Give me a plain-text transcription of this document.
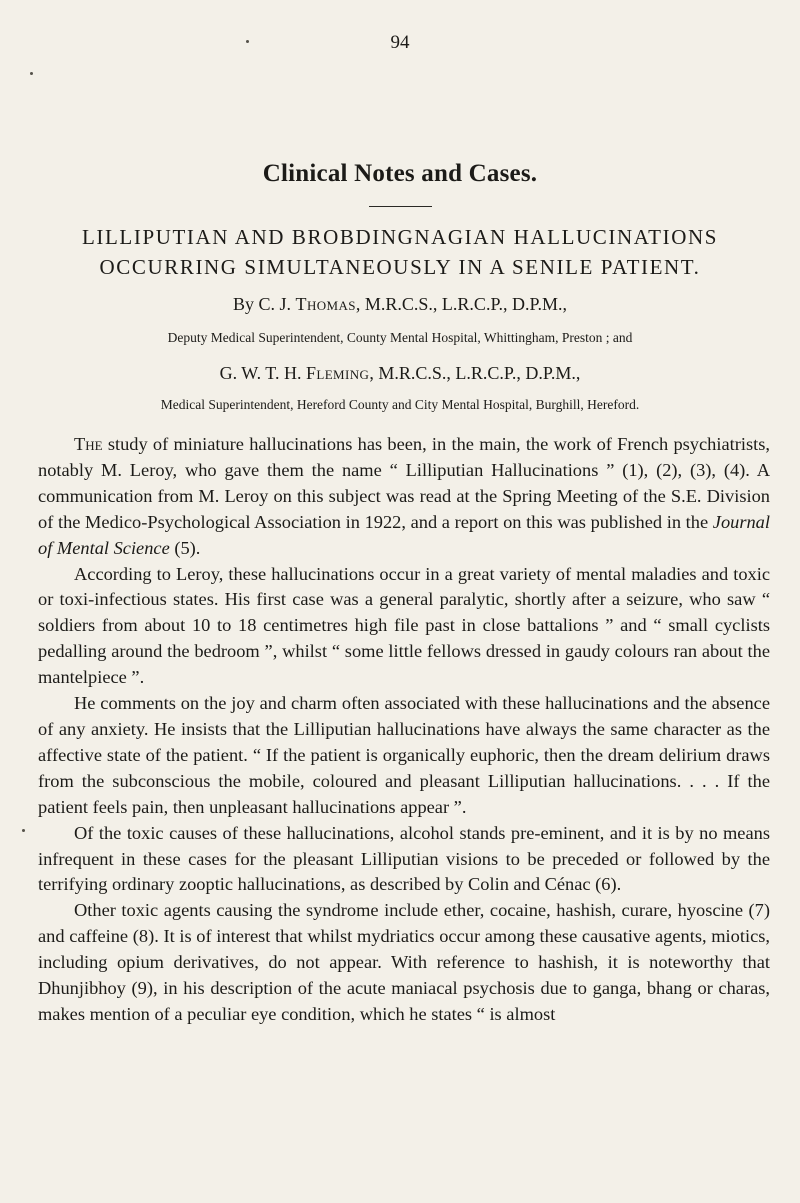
94
Clinical Notes and Cases.
LILLIPUTIAN AND BROBDINGNAGIAN HALLUCINATIONS
OCCURRING SIMULTANEOUSLY IN A SENILE PATIENT.
By C. J. Thomas, M.R.C.S., L.R.C.P., D.P.M.,
Deputy Medical Superintendent, County Mental Hospital, Whittingham, Preston ; and
G. W. T. H. Fleming, M.R.C.S., L.R.C.P., D.P.M.,
Medical Superintendent, Hereford County and City Mental Hospital, Burghill, Hereford.

The study of miniature hallucinations has been, in the main, the work of French psychiatrists, notably M. Leroy, who gave them the name “ Lilliputian Hallucinations ” (1), (2), (3), (4). A communication from M. Leroy on this subject was read at the Spring Meeting of the S.E. Division of the Medico-Psychological Association in 1922, and a report on this was published in the Journal of Mental Science (5).

According to Leroy, these hallucinations occur in a great variety of mental maladies and toxic or toxi-infectious states. His first case was a general paralytic, shortly after a seizure, who saw “ soldiers from about 10 to 18 centimetres high file past in close battalions ” and “ small cyclists pedalling around the bedroom ”, whilst “ some little fellows dressed in gaudy colours ran about the mantelpiece ”.

He comments on the joy and charm often associated with these hallucinations and the absence of any anxiety. He insists that the Lilliputian hallucinations have always the same character as the affective state of the patient. “ If the patient is organically euphoric, then the dream delirium draws from the subconscious the mobile, coloured and pleasant Lilliputian hallucinations. . . . If the patient feels pain, then unpleasant hallucinations appear ”.

Of the toxic causes of these hallucinations, alcohol stands pre-eminent, and it is by no means infrequent in these cases for the pleasant Lilliputian visions to be preceded or followed by the terrifying ordinary zooptic hallucinations, as described by Colin and Cénac (6).

Other toxic agents causing the syndrome include ether, cocaine, hashish, curare, hyoscine (7) and caffeine (8). It is of interest that whilst mydriatics occur among these causative agents, miotics, including opium derivatives, do not appear. With reference to hashish, it is noteworthy that Dhunjibhoy (9), in his description of the acute maniacal psychosis due to ganga, bhang or charas, makes mention of a peculiar eye condition, which he states “ is almost
